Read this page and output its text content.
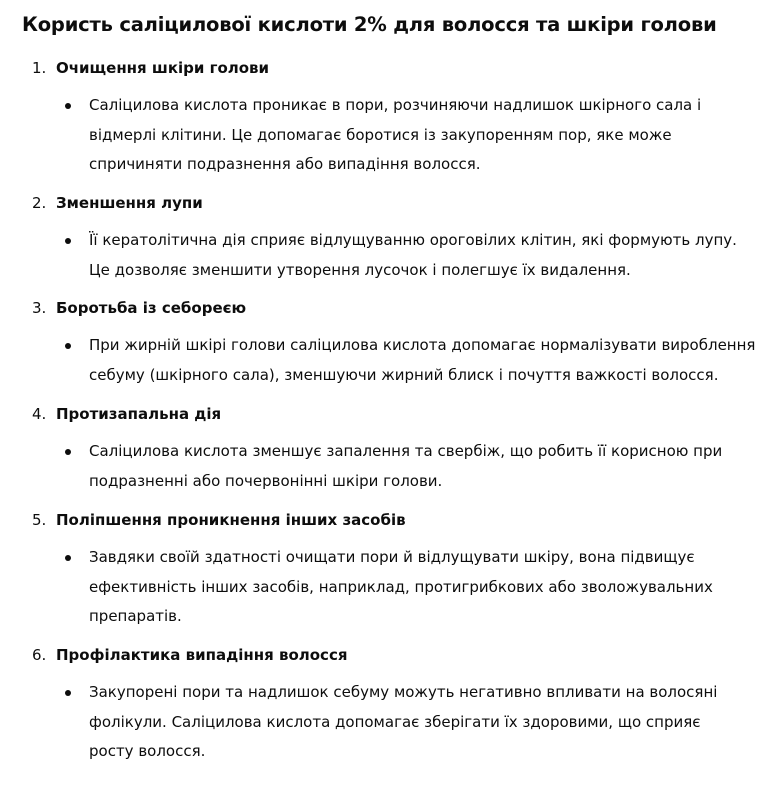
Користь саліцилової кислоти 2% для волосся та шкіри голови
1. Очищення шкіри голови

Саліцилова кислота проникає в пори, розчиняючи надлишок шкірного сала і відмерлі клітини. Це допомагає боротися із закупоренням пор, яке може спричиняти подразнення або випадіння волосся.

2. Зменшення лупи

Її кератолітична дія сприяє відлущуванню ороговілих клітин, які формують лупу. Це дозволяє зменшити утворення лусочок і полегшує їх видалення.

3. Боротьба із себореєю

При жирній шкірі голови саліцилова кислота допомагає нормалізувати вироблення себуму (шкірного сала), зменшуючи жирний блиск і почуття важкості волосся.

4. Протизапальна дія

Саліцилова кислота зменшує запалення та свербіж, що робить її корисною при подразненні або почервонінні шкіри голови.

5. Поліпшення проникнення інших засобів

Завдяки своїй здатності очищати пори й відлущувати шкіру, вона підвищує ефективність інших засобів, наприклад, протигрибкових або зволожувальних препаратів.

6. Профілактика випадіння волосся

Закупорені пори та надлишок себуму можуть негативно впливати на волосяні фолікули. Саліцилова кислота допомагає зберігати їх здоровими, що сприяє росту волосся.
